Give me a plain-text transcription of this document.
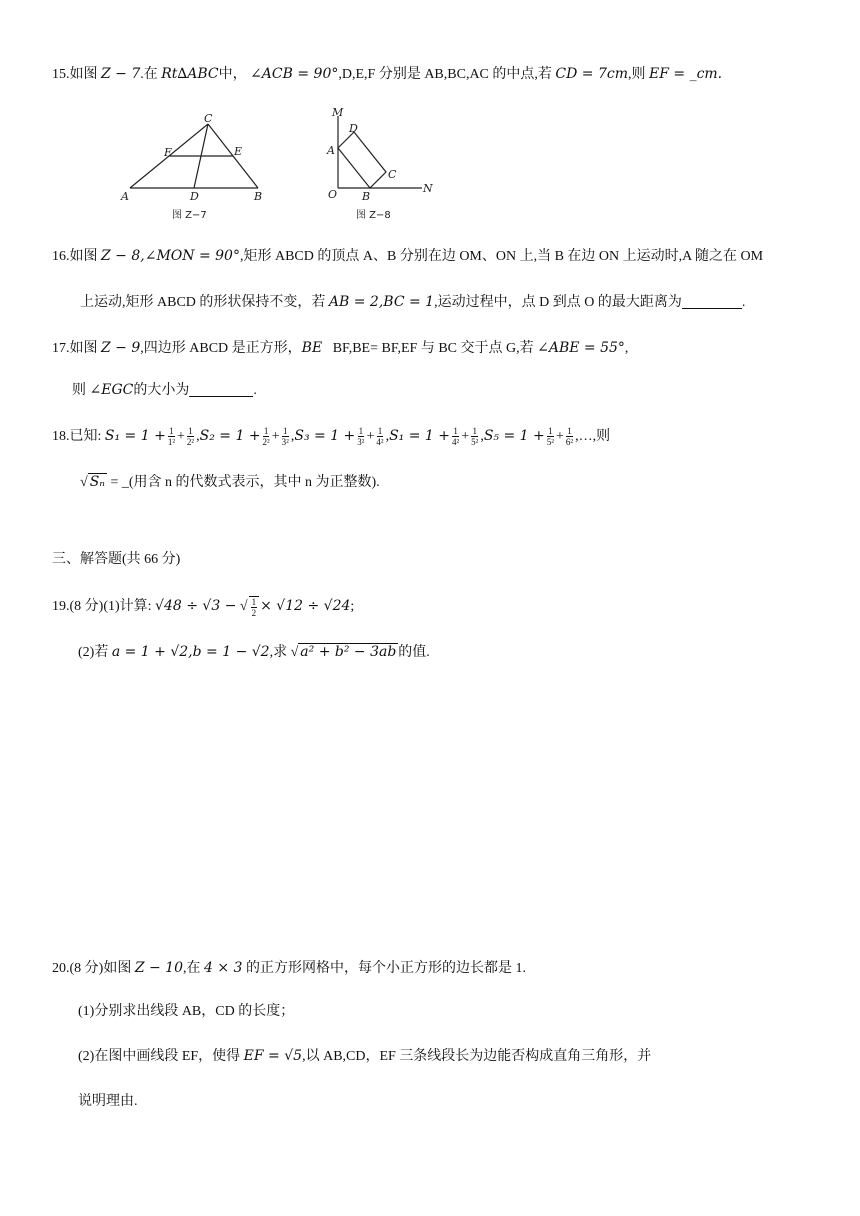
15.如图 Z − 7.在 Rt∆ABC中， ∠ACB = 90°,D,E,F 分别是 AB,BC,AC 的中点,若 CD = 7cm,则 EF = _cm.
C
F	E
A	D	B
图 Z−7
M
D
A
C
O B
N
图 Z−8
16.如图 Z − 8,∠MON = 90°,矩形 ABCD 的顶点 A、B 分别在边 OM、ON 上,当 B 在边 ON 上运动时,A 随之在 OM
上运动,矩形 ABCD 的形状保持不变，若 AB = 2,BC = 1,运动过程中，点 D 到点 O 的最大距离为	.
17.如图 Z − 9,四边形 ABCD 是正方形，BE BF,BE= BF,EF 与 BC 交于点 G,若 ∠ABE = 55°,
则 ∠EGC的大小为	.
18.已知: $S_1 = 1 + \frac{1}{\text{1²}} + \frac{1}{\text{2²}} ,S_2 = 1 + \frac{1}{\text{2²}} + \frac{1}{\text{3²}} ,S_3 = 1 + \frac{1}{\text{3²}} + \frac{1}{\text{4²}} ,S_1 = 1 + \frac{1}{\text{4²}} + \frac{1}{\text{5²}} ,S_5 = 1 + \frac{1}{\text{5²}} + \frac{1}{\text{6²}}$ ,…,则
√ Sₙ = _(用含 n 的代数式表示，其中 n 为正整数).
三、解答题(共 66 分)
19.(8 分)(1)计算: √48 ÷ √3 − √ $\frac{1}{2} \times √12 \div √24$;
(2)若 a = 1 + √2,b = 1 − √2,求 √ a² + b² − 3ab 的值.
20.(8 分)如图 Z − 10,在 4 × 3 的正方形网格中，每个小正方形的边长都是 1.
(1)分别求出线段 AB，CD 的长度；
(2)在图中画线段 EF，使得 EF = √5,以 AB,CD，EF 三条线段长为边能否构成直角三角形，并
说明理由.
